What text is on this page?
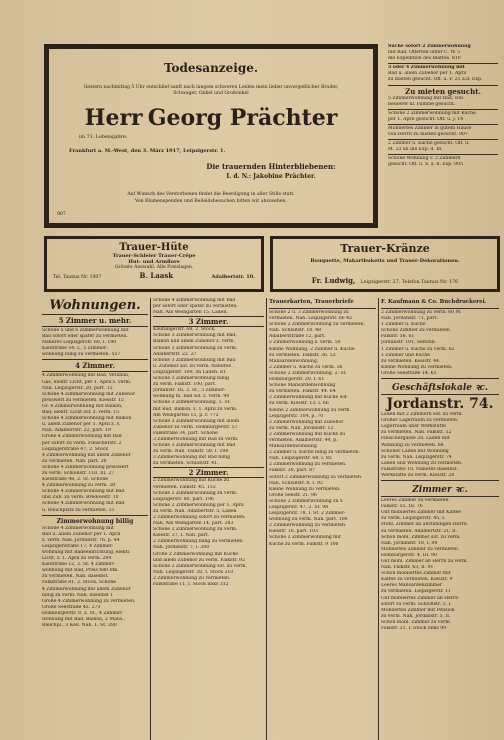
Todesanzeige.
Gestern nachmittag 5 Uhr entschlief sanft nach langem schweren Leiden mein lieber unvergeßlicher Bruder, Schwager, Onkel und Großonkel
Herr Georg Prächter
im 71. Lebensjahre.
Frankfurt a. M.-West, den 3. März 1917, Leipzigerstr. 1.
Die trauernden Hinterbliebenen:
I. d. N.: Jakobine Prächter.
Auf Wunsch des Verstorbenen findet die Beerdigung in aller Stille statt.
Von Blumenspenden und Beileidsbesuchen bitten wir abzusehen.
907
Suche sofort 2 Zimmerwohnung
mit Bad. Offerten unter C. W. 5
die Expedition des Blattes. 810
3 oder 4 Zimmerwohnung mit
Bad u. allem Zubehör per 1. April
zu mieten gesucht. Off. u. F. 21 a.d. Exp.
Zu mieten gesucht.
5 Zimmerwohnung mit Bad, von
besserer kl. Familie gesucht.
Schöne 2 Zimmerwohnung mit Küche
per 1. April gesucht. Off. u. J. 14
Möbliertes Zimmer in gutem Hause
von Herrn zu mieten gesucht. 907
2 Zimmer u. Küche gesucht, Off. u.
M. 33 an die Exp. d. Bl.
Schöne Wohnung v. 3 Zimmern
gesucht. Off. u. S. a. d. Exp. 905
Trauer-Hüte
Trauer-Schleier Trauer-Crêpe
Hut- und Armflore
Grösste Auswahl. Alle Preislagen.
Tel. Taunus Nr. 1907	B. Laask	Adalbertstr. 10.
Trauer-Kränze
Bouquette, Makartbuketts und Trauer-Dekorationen.
Fr. Ludwig, Leipzigerstr. 27, Telefon Taunus Nr. 176
Wohnungen.
5 Zimmer u. mehr.
Schöne 5 und 6 Zimmerwohnung mit
Bad sofort oder später zu vermieten.
Näheres Leipzigerstr. 66, I. 190
Kiesstraße 54. I., 5 Zimmer-
wohnung billig zu vermieten. 557
4 Zimmer.
4 Zimmerwohnung mit Bad, Veranda,
Gas, elektr. Licht, per 1. April z. verm.
Näh. Leipzigerstr. 20, part. 12
Schöne 4 Zimmerwohnung mit Zubehör
preiswert zu vermieten. Kiesstr. 15
Gr. 4 Zimmerwohnung mit Balkon,
Bad, elektr. Licht sof. z. verm. 15
Schöne 4 Zimmerwohnung mit Balkon
u. allem Zubehör per 1. April z. v.
Näh. Adalbertstr. 22, part. 19
Große 4 Zimmerwohnung mit Bad
per sofort zu verm. Fleischerstr. 2
Leipzigerstraße 47, 2. Stock
4 Zimmerwohnung mit allem Zubehör
zu vermieten. Näh. part. 26
Schöne 4 Zimmerwohnung preiswert
zu verm. Schloßstr. 110, III. 27
Kiesstraße 48, 2. St. Schöne
4 Zimmerwohnung zu verm. 28
Schöne 4 Zimmerwohnung mit Bad
und Zub. zu verm. Bredowstr. 10
Schöne 4 Zimmerwohnung mit Bad
u. Bleichplatz zu vermieten. 31
Zimmerwohnung billig
Schöne 4 Zimmerwohnung mit
Bad u. allem Zubehör per 1. April
z. verm. Näh. Jordanstr. 76, p. 44
Leipzigerstraße 17, 4 Zimmer-
wohnung mit Badeeinrichtung, elektr.
Licht, z. 1. April zu verm. 284
Kiesstraße 12, 2. St. 4 Zimmer-
wohnung mit Bad, Preis 680 Mk.
zu vermieten. Näh. daselbst.
Falkstraße 81, 2. Stock, Schöne
4 Zimmerwohnung mit allem Zubehör
billig zu verm. Näh. daselbst 1
Große 4 Zimmerwohnung zu vermieten.
Große Seestraße 42. 273
Homburgerstr. 9, 2. St., 4 Zimmer-
wohnung mit Bad, Balkon, 2 Mans.,
Bleichpl., 3 Kell. Näh. 1. St. 280
Schöne 4 Zimmerwohnung mit Bad
per sofort oder später zu vermieten.
Näh. Am Weingarten 15, Laden.
3 Zimmer.
Kaufungerstr. 68, 2. Stock,
Schöne 3 Zimmerwohnung mit Bad,
Balkon und allem Zubehör z. verm.
Schöne 3 Zimmerwohnung zu verm.
Adalbertstr. 22. 27
Schöne 3 Zimmerwohnung mit Bad
u. Zubehör sof. zu verm. Näheres
Leipzigerstr. 109, im Laden. 81
Schöne 3 Zimmerwohnung billig
zu verm. Falkstr. 100, part.
Jordanstr. 16, 3. St., 3 Zimmer-
wohnung m. Bad sof. z. verm. 90
Schöne 3 Zimmerwohnung, 1. St.
mit Bad, Balkon, z. 1. April zu verm.
Am Weingarten 15, p. r. 772
Schöne 3 Zimmerwohnung mit allem
Zubehör zu verm. Homburgerstr. 57
Falkstraße 34, part. Schöne
3 Zimmerwohnung mit Bad zu verm.
Schöne 3 Zimmerwohnung mit Bad
zu verm. Näh. Falkstr. 58, I. 104
3 Zimmerwohnung mit Bad billig
zu vermieten. Schloßstr. 41.
2 Zimmer.
2 Zimmerwohnung mit Küche zu
vermieten. Falkstr. 45. 153
Schöne 2 Zimmerwohnung zu verm.
Leipzigerstr. 80, part. 196
Schöne 2 Zimmerwohnung per 1. April
zu verm. Näh. Adalbertstr. 5, Laden
2 Zimmerwohnung sofort zu vermieten.
Näh. Am Weingarten 14, part. 283
Schöne 2 Zimmerwohnung zu verm.
Kiesstr. 37, I. Näh. part.
2 Zimmerwohnung billig zu vermieten.
Näh. Jordanstr. 7, I. 300
Große 2 Zimmerwohnung mit Küche
und allem Zubehör zu verm. Falkstr. 92
Schöne 2 Zimmerwohnung sof. zu verm.
Näh. Leipzigerstr. 20, I. Stock 310
2 Zimmerwohnung zu vermieten.
Falkstraße 11, I. Stock links 312
Trauerkarten, Trauerbriefe
Schöne 2 u. 3 Zimmerwohnung zu
vermieten. Näh. Leipzigerstr. 66 42
Schöne 2 Zimmerwohnung zu vermieten.
Näh. Schloßstr. 10. 48
Adalbertstraße 12, part.
2 Zimmerwohnung z. verm. 50
Kleine Wohnung, 2 Zimmer u. Küche
zu vermieten. Falkstr. 36. 52
Mansardenwohnung,
2 Zimmer u. Küche zu verm. 56
Schöne 2 Zimmerwohnung, 2. St.
Homburgerstr. 20, I. 61
Schöne Mansardenwohnung
zu vermieten. Falkstr. 44. 64
2 Zimmerwohnung mit Küche sof.
zu verm. Kiesstr. 13, I. 66
Kleine 2 Zimmerwohnung zu verm.
Leipzigerstr. 104, p. 70
2 Zimmerwohnung mit Zubehör
zu verm. Näh. Jordanstr. 12
2 Zimmerwohnung mit Küche zu
vermieten. Adalbertstr. 44, p.
Mansardenwohnung
2 Zimmer u. Küche billig zu vermieten.
Näh. Leipzigerstr. 64, I. 85
2 Zimmerwohnung zu vermieten.
Falkstr. 30, part. 87
Sofort 2 Zimmerwohnung zu vermieten.
Näh. Schloßstr. 8, I. 92
Kleine Wohnung zu vermieten.
Große Seestr. 21. 96
Schöne 2 Zimmerwohnung zu v.
Leipzigerstr. 47, 2. St. 98
Leipzigerstr. 78, I. St. 2 Zimmer-
wohnung zu verm. Näh. part. 100
2 Zimmerwohnung zu vermieten.
Kiesstr. 16, part. 103
Schöne 2 Zimmerwohnung mit
Küche zu verm. Falkstr. 9 106
F. Kaufmann & Co. Buchdruckerei.
2 Zimmerwohnung zu verm. 60 M.
Näh. Jordanstr. 71, part.
1 Zimmer u. Küche
Schöne Zimmer zu vermieten.
Falkstr. 58. 61
Jordanstr. 101, Seitenb.
1 Zimmer u. Küche zu verm. 62
1 Zimmer und Küche
zu vermieten. Kiesstr. 44.
Kleine Wohnung zu vermieten.
Große Seestraße 14. 65
Geschäftslokale ꝛc.
Jordanstr. 74.
Laden mit 2 Zimmern sof. zu verm.
Großer Lagerraum zu vermieten.
Lagerraum über Werkstätte
zu vermieten. Näh. Falkstr. 12
Fleischergasse 28, Laden mit
Wohnung zu vermieten. 68
Schöner Laden mit Wohnung
zu verm. Näh. Leipzigerstr. 74
Laden und Wohnung zu vermieten.
Falkstraße 18, Näheres daselbst.
Werkstätte zu verm. Kiesstr. 28
Zimmer ꝛc.
Leeres Zimmer zu vermieten.
Falkstr. 55, III. 76
Gut möbliertes Zimmer mit Kaffee
zu verm. Leipzigerstr. 45, I.
Möbl. Zimmer an anständigen Herrn
zu vermieten. Adalbertstr. 21, II.
Schön möbl. Zimmer sof. zu verm.
Näh. Jordanstr. 18, I. 88
Möbliertes Zimmer zu vermieten.
Homburgerstr. 4, III. 90
Gut möbl. Zimmer an Herrn zu verm.
Näh. Falkstr. 63, II. 91
Schön möbliertes Zimmer mit
Kaffee zu vermieten. Kiesstr. 9
Leeres Mansardenzimmer
zu vermieten. Leipzigerstr. 11
Gut möbliertes Zimmer an Herrn
sofort zu verm. Schloßstr. 3, I.
Möbliertes Zimmer mit Pension
zu verm. Näh. Jordanstr. 5, II.
Schön möbl. Zimmer zu verm.
Falkstr. 31, I. Stock links 99
